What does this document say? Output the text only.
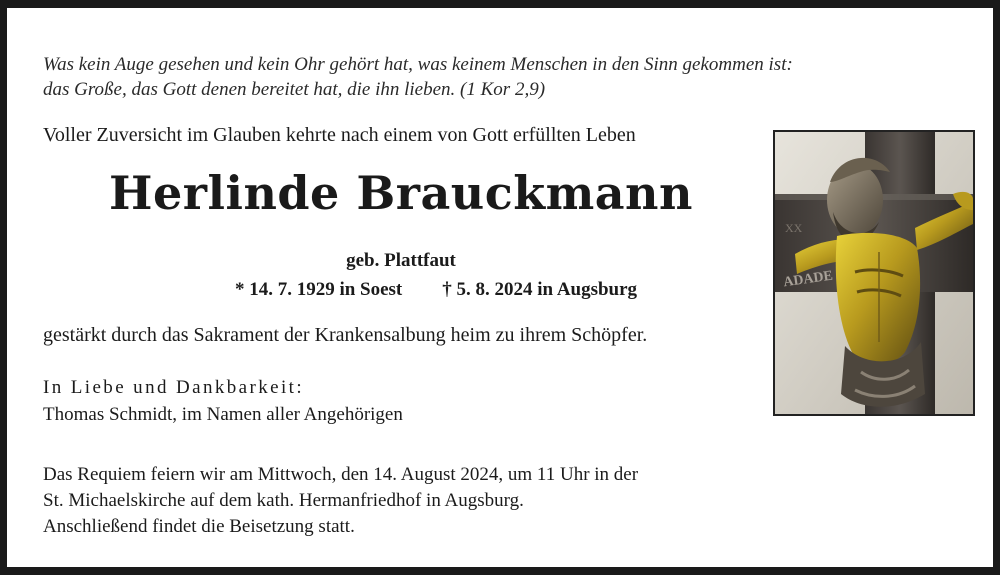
Was kein Auge gesehen und kein Ohr gehört hat, was keinem Menschen in den Sinn gekommen ist:
das Große, das Gott denen bereitet hat, die ihn lieben. (1 Kor 2,9)
Voller Zuversicht im Glauben kehrte nach einem von Gott erfüllten Leben
Herlinde Brauckmann
geb. Plattfaut
* 14. 7. 1929 in Soest † 5. 8. 2024 in Augsburg
gestärkt durch das Sakrament der Krankensalbung heim zu ihrem Schöpfer.
In Liebe und Dankbarkeit:
Thomas Schmidt, im Namen aller Angehörigen
Das Requiem feiern wir am Mittwoch, den 14. August 2024, um 11 Uhr in der
St. Michaelskirche auf dem kath. Hermanfriedhof in Augsburg.
Anschließend findet die Beisetzung statt.
ADADE
XX
